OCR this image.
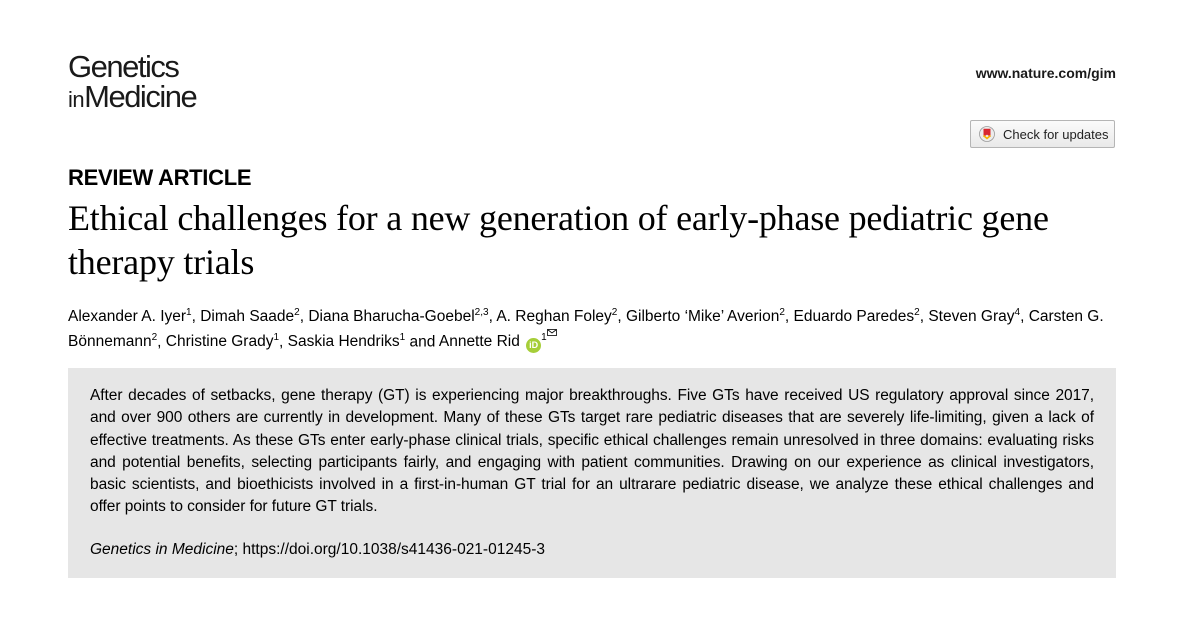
Genetics
inMedicine
www.nature.com/gim
Check for updates
REVIEW ARTICLE
Ethical challenges for a new generation of early-phase pediatric gene therapy trials

Alexander A. Iyer$^1$, Dimah Saade$^2$, Diana Bharucha-Goebel$^{2,3}$, A. Reghan Foley$^2$, Gilberto ‘Mike’ Averion$^2$, Eduardo Paredes$^2$, Steven Gray$^4$, Carsten G. Bönnemann$^2$, Christine Grady$^1$, Saskia Hendriks$^1$ and Annette Rid $iD^1$

After decades of setbacks, gene therapy (GT) is experiencing major breakthroughs. Five GTs have received US regulatory approval since 2017, and over 900 others are currently in development. Many of these GTs target rare pediatric diseases that are severely life-limiting, given a lack of effective treatments. As these GTs enter early-phase clinical trials, specific ethical challenges remain unresolved in three domains: evaluating risks and potential benefits, selecting participants fairly, and engaging with patient communities. Drawing on our experience as clinical investigators, basic scientists, and bioethicists involved in a first-in-human GT trial for an ultrarare pediatric disease, we analyze these ethical challenges and offer points to consider for future GT trials.

Genetics in Medicine; https://doi.org/10.1038/s41436-021-01245-3
